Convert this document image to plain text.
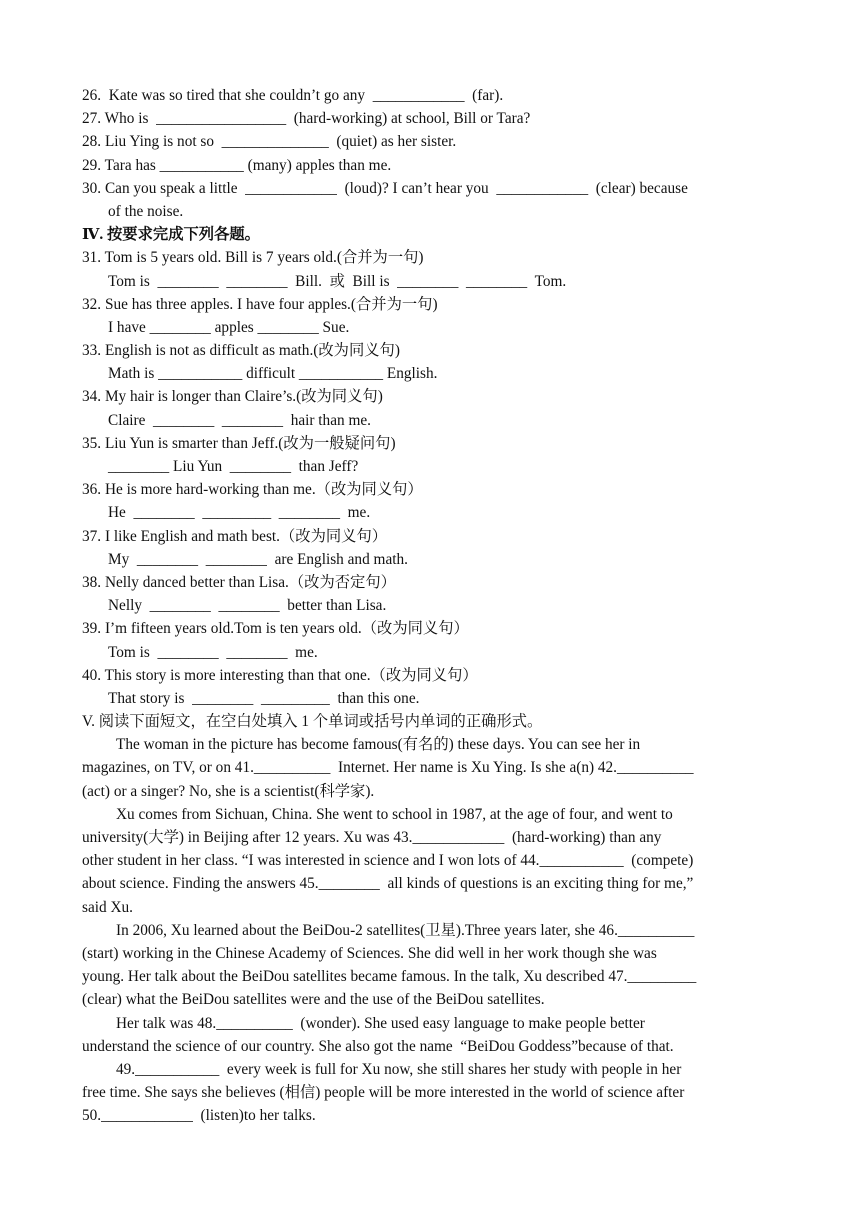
26.  Kate was so tired that she couldn’t go any  ____________  (far).
27. Who is  _________________  (hard-working) at school, Bill or Tara?
28. Liu Ying is not so  ______________  (quiet) as her sister.
29. Tara has ___________ (many) apples than me.
30. Can you speak a little  ____________  (loud)? I can’t hear you  ____________  (clear) because
of the noise.
Ⅳ. 按要求完成下列各题。
31. Tom is 5 years old. Bill is 7 years old.(合并为一句)
Tom is  ________  ________  Bill.  或  Bill is  ________  ________  Tom.
32. Sue has three apples. I have four apples.(合并为一句)
I have ________ apples ________ Sue.
33. English is not as difficult as math.(改为同义句)
Math is ___________ difficult ___________ English.
34. My hair is longer than Claire’s.(改为同义句)
Claire  ________  ________  hair than me.
35. Liu Yun is smarter than Jeff.(改为一般疑问句)
________ Liu Yun  ________  than Jeff?
36. He is more hard-working than me.（改为同义句）
He  ________  _________  ________  me.
37. I like English and math best.（改为同义句）
My  ________  ________  are English and math.
38. Nelly danced better than Lisa.（改为否定句）
Nelly  ________  ________  better than Lisa.
39. I’m fifteen years old.Tom is ten years old.（改为同义句）
Tom is  ________  ________  me.
40. This story is more interesting than that one.（改为同义句）
That story is  ________  _________  than this one.
V. 阅读下面短文，在空白处填入 1 个单词或括号内单词的正确形式。
The woman in the picture has become famous(有名的) these days. You can see her in
magazines, on TV, or on 41.__________  Internet. Her name is Xu Ying. Is she a(n) 42.__________
(act) or a singer? No, she is a scientist(科学家).
Xu comes from Sichuan, China. She went to school in 1987, at the age of four, and went to
university(大学) in Beijing after 12 years. Xu was 43.____________  (hard-working) than any
other student in her class. “I was interested in science and I won lots of 44.___________  (compete)
about science. Finding the answers 45.________  all kinds of questions is an exciting thing for me,”
said Xu.
In 2006, Xu learned about the BeiDou-2 satellites(卫星).Three years later, she 46.__________
(start) working in the Chinese Academy of Sciences. She did well in her work though she was
young. Her talk about the BeiDou satellites became famous. In the talk, Xu described 47._________
(clear) what the BeiDou satellites were and the use of the BeiDou satellites.
Her talk was 48.__________  (wonder). She used easy language to make people better
understand the science of our country. She also got the name  “BeiDou Goddess”because of that.
49.___________  every week is full for Xu now, she still shares her study with people in her
free time. She says she believes (相信) people will be more interested in the world of science after
50.____________  (listen)to her talks.
